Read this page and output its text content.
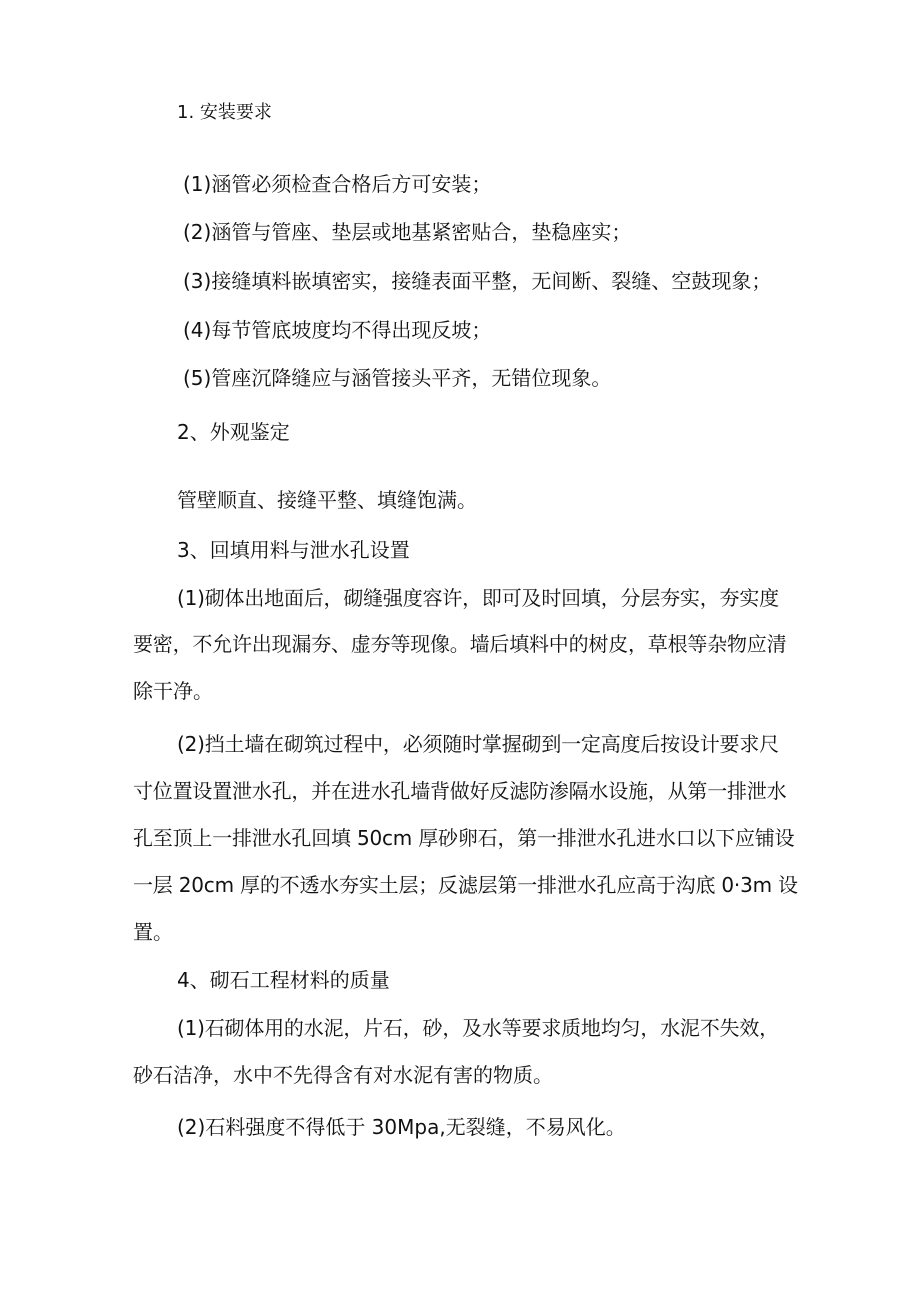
1. 安装要求
(1)涵管必须检查合格后方可安装；
(2)涵管与管座、垫层或地基紧密贴合，垫稳座实；
(3)接缝填料嵌填密实，接缝表面平整，无间断、裂缝、空鼓现象；
(4)每节管底坡度均不得出现反坡；
(5)管座沉降缝应与涵管接头平齐，无错位现象。
2、外观鉴定
管壁顺直、接缝平整、填缝饱满。
3、回填用料与泄水孔设置
(1)砌体出地面后，砌缝强度容许，即可及时回填，分层夯实，夯实度
要密，不允许出现漏夯、虚夯等现像。墙后填料中的树皮，草根等杂物应清
除干净。
(2)挡土墙在砌筑过程中，必须随时掌握砌到一定高度后按设计要求尺
寸位置设置泄水孔，并在进水孔墙背做好反滤防渗隔水设施，从第一排泄水
孔至顶上一排泄水孔回填 50cm 厚砂卵石，第一排泄水孔进水口以下应铺设
一层 20cm 厚的不透水夯实土层；反滤层第一排泄水孔应高于沟底 0·3m 设
置。
4、砌石工程材料的质量
(1)石砌体用的水泥，片石，砂，及水等要求质地均匀，水泥不失效，
砂石洁净，水中不先得含有对水泥有害的物质。
(2)石料强度不得低于 30Mpa,无裂缝，不易风化。
